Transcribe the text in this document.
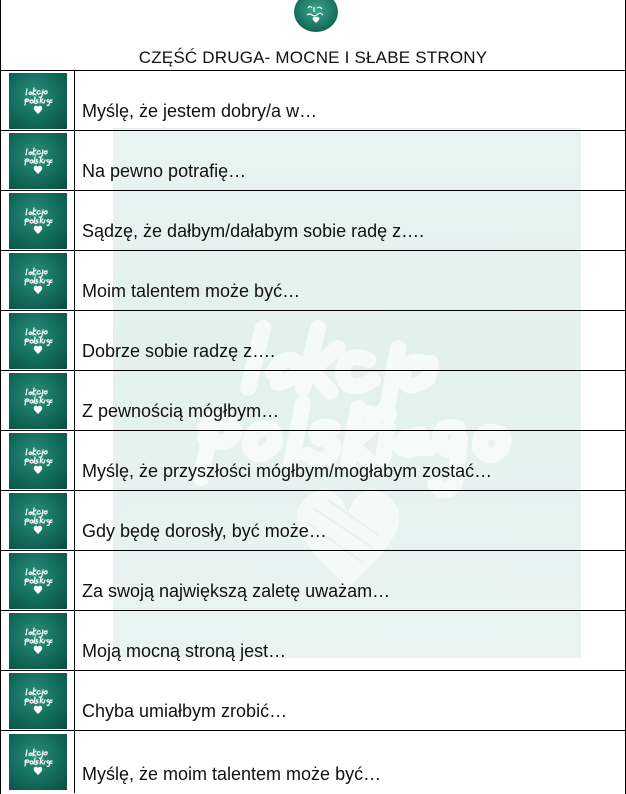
CZĘŚĆ DRUGA- MOCNE I SŁABE STRONY
Myślę, że jestem dobry/a w…
Na pewno potrafię…
Sądzę, że dałbym/dałabym sobie radę z….
Moim talentem może być…
Dobrze sobie radzę z….
Z pewnością mógłbym…
Myślę, że przyszłości mógłbym/mogłabym zostać…
Gdy będę dorosły, być może…
Za swoją największą zaletę uważam…
Moją mocną stroną jest…
Chyba umiałbym zrobić…
Myślę, że moim talentem może być…
